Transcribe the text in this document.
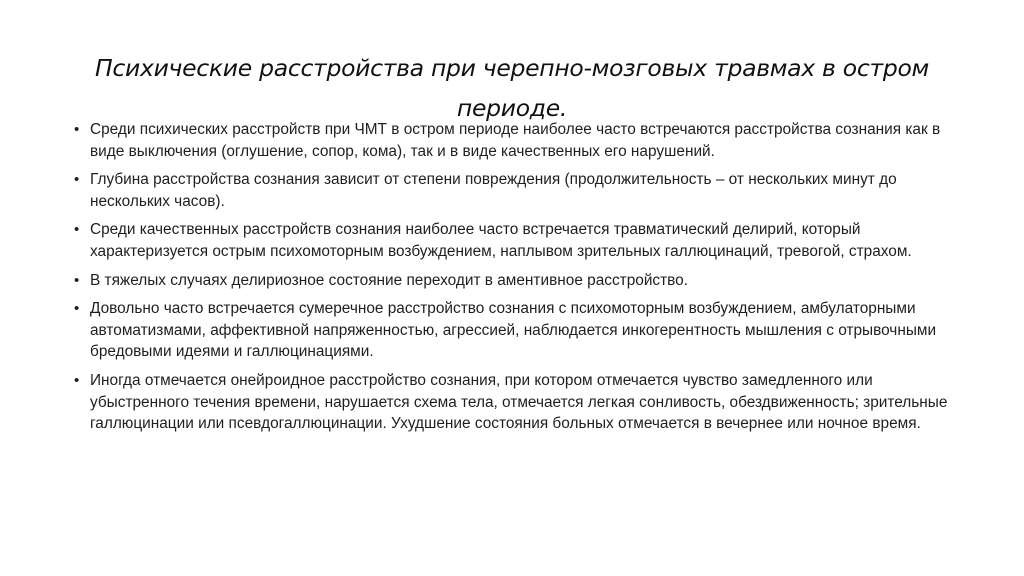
Психические расстройства при черепно-мозговых травмах в остром
периоде.
• Среди психических расстройств при ЧМТ в остром периоде наиболее часто встречаются расстройства сознания как в виде выключения (оглушение, сопор, кома), так и в виде качественных его нарушений.
• Глубина расстройства сознания зависит от степени повреждения (продолжительность – от нескольких минут до нескольких часов).
• Среди качественных расстройств сознания наиболее часто встречается травматический делирий, который характеризуется острым психомоторным возбуждением, наплывом зрительных галлюцинаций, тревогой, страхом.
• В тяжелых случаях делириозное состояние переходит в аментивное расстройство.
• Довольно часто встречается сумеречное расстройство сознания с психомоторным возбуждением, амбулаторными автоматизмами, аффективной напряженностью, агрессией, наблюдается инкогерентность мышления с отрывочными бредовыми идеями и галлюцинациями.
• Иногда отмечается онейроидное расстройство сознания, при котором отмечается чувство замедленного или убыстренного течения времени, нарушается схема тела, отмечается легкая сонливость, обездвиженность; зрительные галлюцинации или псевдогаллюцинации. Ухудшение состояния больных отмечается в вечернее или ночное время.
